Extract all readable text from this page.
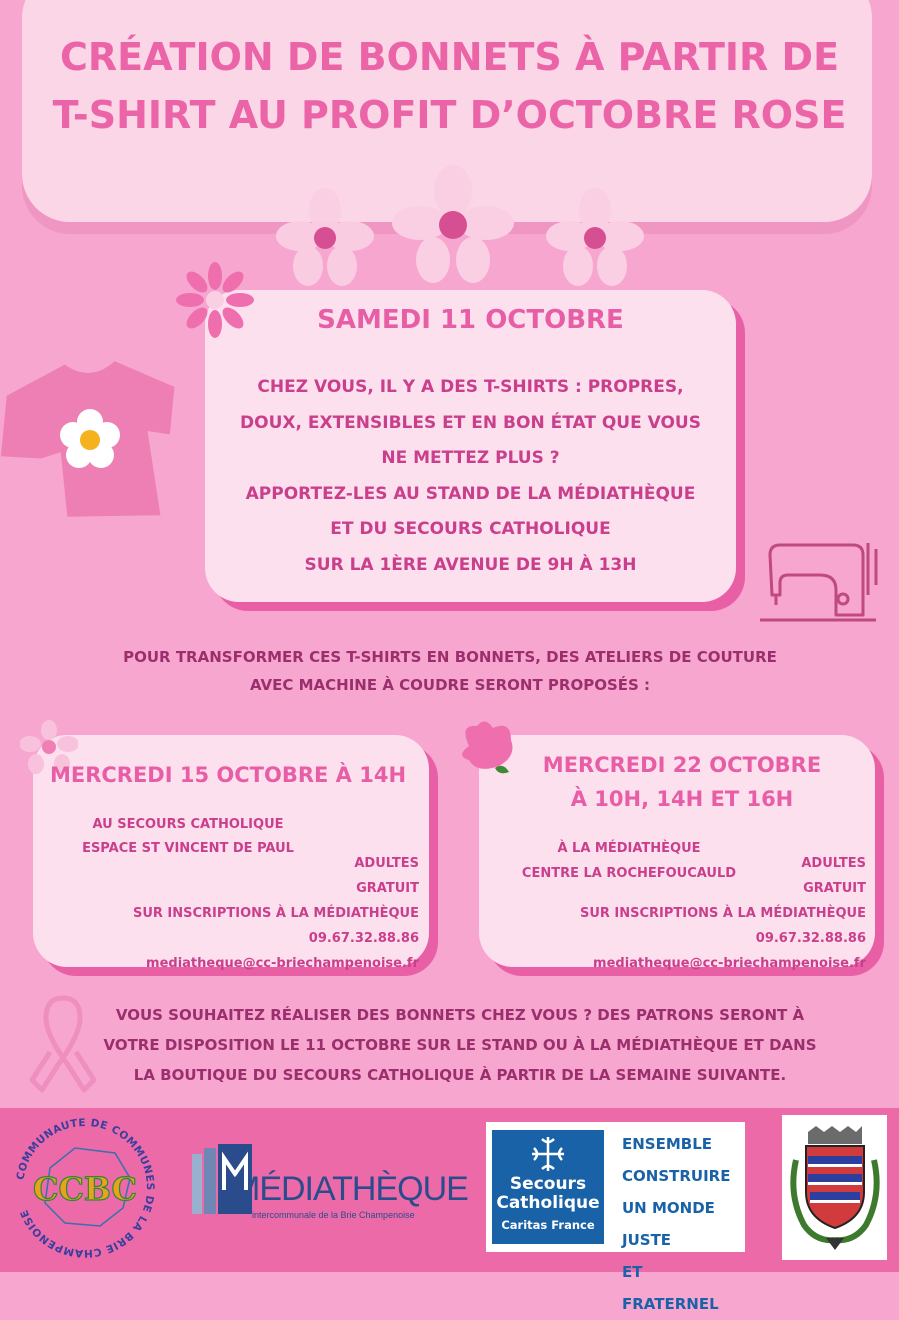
CRÉATION DE BONNETS À PARTIR DE
T-SHIRT AU PROFIT D’OCTOBRE ROSE
SAMEDI 11 OCTOBRE
CHEZ VOUS, IL Y A DES T-SHIRTS : PROPRES,
DOUX, EXTENSIBLES ET EN BON ÉTAT QUE VOUS
NE METTEZ PLUS ?
APPORTEZ-LES AU STAND DE LA MÉDIATHÈQUE
ET DU SECOURS CATHOLIQUE
SUR LA 1ÈRE AVENUE DE 9H À 13H
POUR TRANSFORMER CES T-SHIRTS EN BONNETS, DES ATELIERS DE COUTURE
AVEC MACHINE À COUDRE SERONT PROPOSÉS :
MERCREDI 15 OCTOBRE À 14H
AU SECOURS CATHOLIQUE
ESPACE ST VINCENT DE PAUL
ADULTES
GRATUIT
SUR INSCRIPTIONS À LA MÉDIATHÈQUE
09.67.32.88.86
mediatheque@cc-briechampenoise.fr
MERCREDI 22 OCTOBRE
À 10H, 14H ET 16H
À LA MÉDIATHÈQUE
CENTRE LA ROCHEFOUCAULD
ADULTES
GRATUIT
SUR INSCRIPTIONS À LA MÉDIATHÈQUE
09.67.32.88.86
mediatheque@cc-briechampenoise.fr
VOUS SOUHAITEZ RÉALISER DES BONNETS CHEZ VOUS ? DES PATRONS SERONT À
VOTRE DISPOSITION LE 11 OCTOBRE SUR LE STAND OU À LA MÉDIATHÈQUE ET DANS
LA BOUTIQUE DU SECOURS CATHOLIQUE À PARTIR DE LA SEMAINE SUIVANTE.
COMMUNAUTE DE COMMUNES DE LA BRIE CHAMPENOISE
CCBC	MÉDIATHÈQUE
intercommunale de la Brie Champenoise
Secours
Catholique
Caritas France
ENSEMBLE
CONSTRUIRE
UN MONDE JUSTE
ET FRATERNEL
